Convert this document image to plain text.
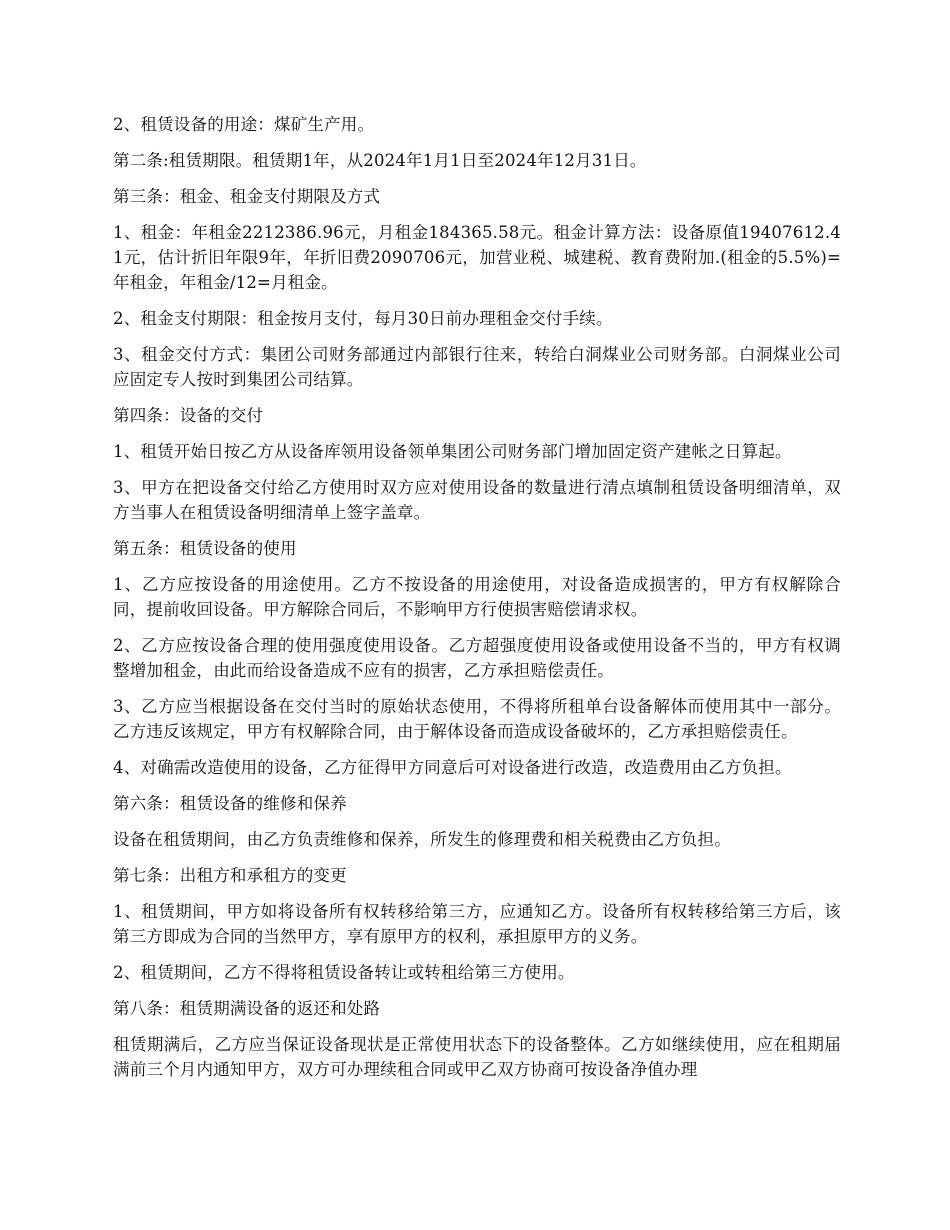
2、租赁设备的用途：煤矿生产用。

第二条:租赁期限。租赁期1年，从2024年1月1日至2024年12月31日。

第三条：租金、租金支付期限及方式

1、租金：年租金2212386.96元，月租金184365.58元。租金计算方法：设备原值19407612.41元，估计折旧年限9年，年折旧费2090706元，加营业税、城建税、教育费附加.(租金的5.5%)=年租金，年租金/12=月租金。

2、租金支付期限：租金按月支付，每月30日前办理租金交付手续。

3、租金交付方式：集团公司财务部通过内部银行往来，转给白洞煤业公司财务部。白洞煤业公司应固定专人按时到集团公司结算。

第四条：设备的交付

1、租赁开始日按乙方从设备库领用设备领单集团公司财务部门增加固定资产建帐之日算起。

3、甲方在把设备交付给乙方使用时双方应对使用设备的数量进行清点填制租赁设备明细清单，双方当事人在租赁设备明细清单上签字盖章。

第五条：租赁设备的使用

1、乙方应按设备的用途使用。乙方不按设备的用途使用，对设备造成损害的，甲方有权解除合同，提前收回设备。甲方解除合同后，不影响甲方行使损害赔偿请求权。

2、乙方应按设备合理的使用强度使用设备。乙方超强度使用设备或使用设备不当的，甲方有权调整增加租金，由此而给设备造成不应有的损害，乙方承担赔偿责任。

3、乙方应当根据设备在交付当时的原始状态使用，不得将所租单台设备解体而使用其中一部分。乙方违反该规定，甲方有权解除合同，由于解体设备而造成设备破坏的，乙方承担赔偿责任。

4、对确需改造使用的设备，乙方征得甲方同意后可对设备进行改造，改造费用由乙方负担。

第六条：租赁设备的维修和保养

设备在租赁期间，由乙方负责维修和保养，所发生的修理费和相关税费由乙方负担。

第七条：出租方和承租方的变更

1、租赁期间，甲方如将设备所有权转移给第三方，应通知乙方。设备所有权转移给第三方后，该第三方即成为合同的当然甲方，享有原甲方的权利，承担原甲方的义务。

2、租赁期间，乙方不得将租赁设备转让或转租给第三方使用。

第八条：租赁期满设备的返还和处路

租赁期满后，乙方应当保证设备现状是正常使用状态下的设备整体。乙方如继续使用，应在租期届满前三个月内通知甲方，双方可办理续租合同或甲乙双方协商可按设备净值办理
